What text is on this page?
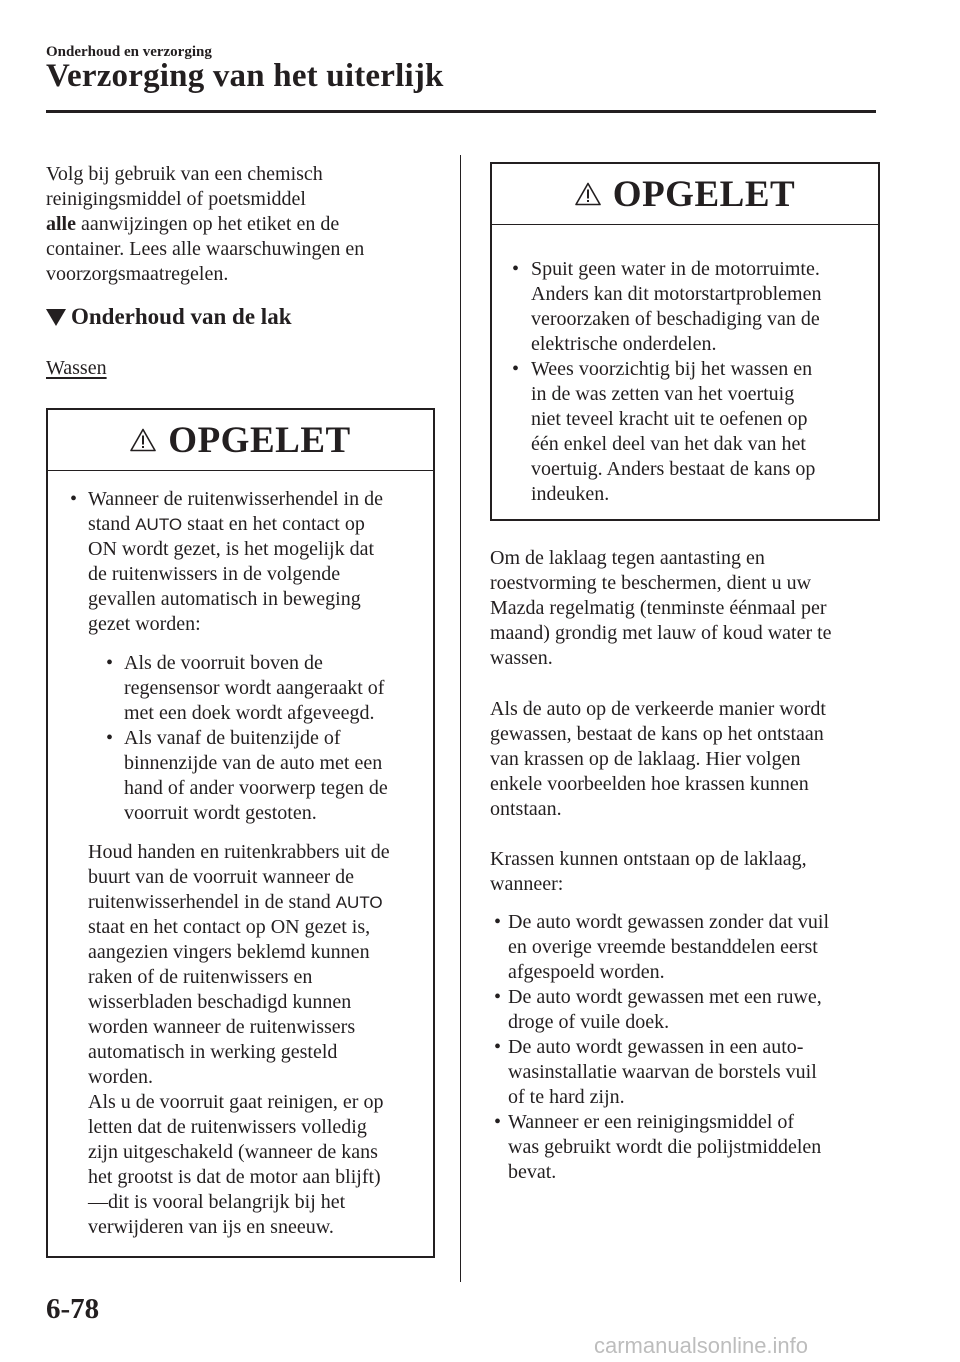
Onderhoud en verzorging
Verzorging van het uiterlijk

Volg bij gebruik van een chemisch

reinigingsmiddel of poetsmiddel

alle aanwijzingen op het etiket en de

container. Lees alle waarschuwingen en

voorzorgsmaatregelen.

Onderhoud van de lak
Wassen
OPGELET
• Wanneer de ruitenwisserhendel in de

stand AUTO staat en het contact op

ON wordt gezet, is het mogelijk dat

de ruitenwissers in de volgende

gevallen automatisch in beweging

gezet worden:

• Als de voorruit boven de

regensensor wordt aangeraakt of

met een doek wordt afgeveegd.

• Als vanaf de buitenzijde of

binnenzijde van de auto met een

hand of ander voorwerp tegen de

voorruit wordt gestoten.

Houd handen en ruitenkrabbers uit de

buurt van de voorruit wanneer de

ruitenwisserhendel in de stand AUTO

staat en het contact op ON gezet is,

aangezien vingers beklemd kunnen

raken of de ruitenwissers en

wisserbladen beschadigd kunnen

worden wanneer de ruitenwissers

automatisch in werking gesteld

worden.

Als u de voorruit gaat reinigen, er op

letten dat de ruitenwissers volledig

zijn uitgeschakeld (wanneer de kans

het grootst is dat de motor aan blijft)

—dit is vooral belangrijk bij het

verwijderen van ijs en sneeuw.

OPGELET
• Spuit geen water in de motorruimte.

Anders kan dit motorstartproblemen

veroorzaken of beschadiging van de

elektrische onderdelen.

• Wees voorzichtig bij het wassen en

in de was zetten van het voertuig

niet teveel kracht uit te oefenen op

één enkel deel van het dak van het

voertuig. Anders bestaat de kans op

indeuken.

Om de laklaag tegen aantasting en

roestvorming te beschermen, dient u uw

Mazda regelmatig (tenminste éénmaal per

maand) grondig met lauw of koud water te

wassen.

Als de auto op de verkeerde manier wordt

gewassen, bestaat de kans op het ontstaan

van krassen op de laklaag. Hier volgen

enkele voorbeelden hoe krassen kunnen

ontstaan.

Krassen kunnen ontstaan op de laklaag,

wanneer:

• De auto wordt gewassen zonder dat vuil

en overige vreemde bestanddelen eerst

afgespoeld worden.

• De auto wordt gewassen met een ruwe,

droge of vuile doek.

• De auto wordt gewassen in een auto-

wasinstallatie waarvan de borstels vuil

of te hard zijn.

• Wanneer er een reinigingsmiddel of

was gebruikt wordt die polijstmiddelen

bevat.

6-78
carmanualsonline.info
